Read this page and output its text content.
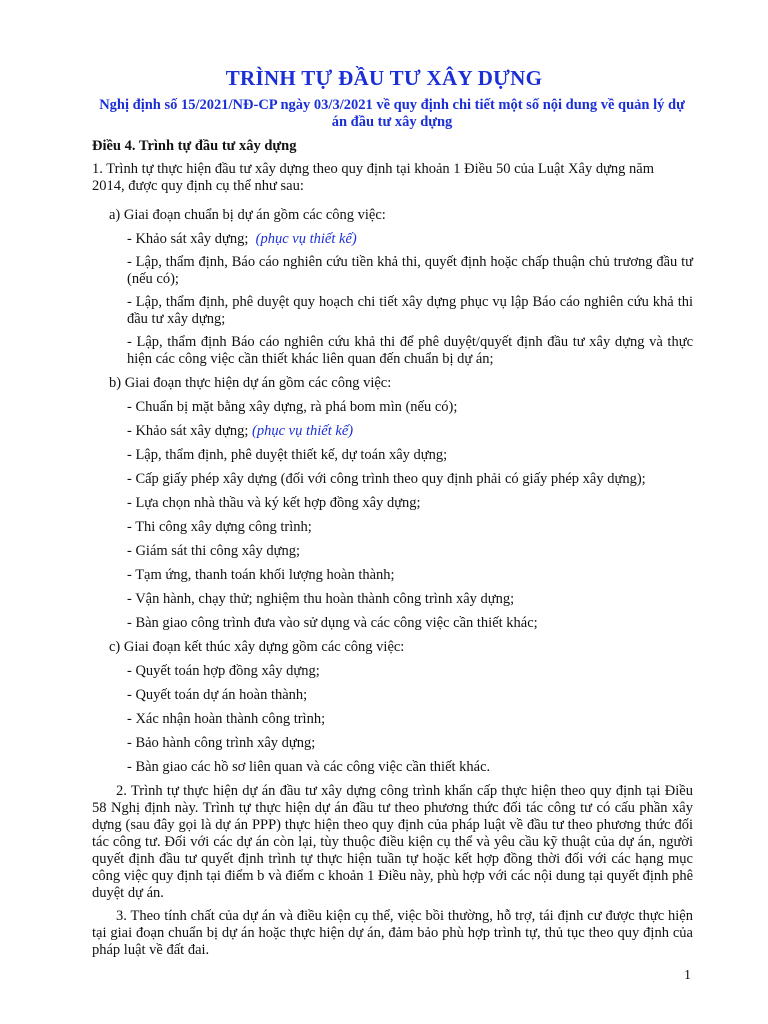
TRÌNH TỰ ĐẦU TƯ XÂY DỰNG
Nghị định số 15/2021/NĐ-CP ngày 03/3/2021 về quy định chi tiết một số nội dung về quản lý dự án đầu tư xây dựng
Điều 4. Trình tự đầu tư xây dựng

1. Trình tự thực hiện đầu tư xây dựng theo quy định tại khoản 1 Điều 50 của Luật Xây dựng năm
2014, được quy định cụ thể như sau:

a) Giai đoạn chuẩn bị dự án gồm các công việc:

- Khảo sát xây dựng; (phục vụ thiết kế)

- Lập, thẩm định, Báo cáo nghiên cứu tiền khả thi, quyết định hoặc chấp thuận chủ trương đầu tư (nếu có);

- Lập, thẩm định, phê duyệt quy hoạch chi tiết xây dựng phục vụ lập Báo cáo nghiên cứu khả thi đầu tư xây dựng;

- Lập, thẩm định Báo cáo nghiên cứu khả thi để phê duyệt/quyết định đầu tư xây dựng và thực hiện các công việc cần thiết khác liên quan đến chuẩn bị dự án;

b) Giai đoạn thực hiện dự án gồm các công việc:

- Chuẩn bị mặt bằng xây dựng, rà phá bom mìn (nếu có);

- Khảo sát xây dựng; (phục vụ thiết kế)

- Lập, thẩm định, phê duyệt thiết kế, dự toán xây dựng;

- Cấp giấy phép xây dựng (đối với công trình theo quy định phải có giấy phép xây dựng);

- Lựa chọn nhà thầu và ký kết hợp đồng xây dựng;

- Thi công xây dựng công trình;

- Giám sát thi công xây dựng;

- Tạm ứng, thanh toán khối lượng hoàn thành;

- Vận hành, chạy thử; nghiệm thu hoàn thành công trình xây dựng;

- Bàn giao công trình đưa vào sử dụng và các công việc cần thiết khác;

c) Giai đoạn kết thúc xây dựng gồm các công việc:

- Quyết toán hợp đồng xây dựng;

- Quyết toán dự án hoàn thành;

- Xác nhận hoàn thành công trình;

- Bảo hành công trình xây dựng;

- Bàn giao các hồ sơ liên quan và các công việc cần thiết khác.

2. Trình tự thực hiện dự án đầu tư xây dựng công trình khẩn cấp thực hiện theo quy định tại Điều 58 Nghị định này. Trình tự thực hiện dự án đầu tư theo phương thức đối tác công tư có cấu phần xây dựng (sau đây gọi là dự án PPP) thực hiện theo quy định của pháp luật về đầu tư theo phương thức đối tác công tư. Đối với các dự án còn lại, tùy thuộc điều kiện cụ thể và yêu cầu kỹ thuật của dự án, người quyết định đầu tư quyết định trình tự thực hiện tuần tự hoặc kết hợp đồng thời đối với các hạng mục công việc quy định tại điểm b và điểm c khoản 1 Điều này, phù hợp với các nội dung tại quyết định phê duyệt dự án.

3. Theo tính chất của dự án và điều kiện cụ thể, việc bồi thường, hỗ trợ, tái định cư được thực hiện tại giai đoạn chuẩn bị dự án hoặc thực hiện dự án, đảm bảo phù hợp trình tự, thủ tục theo quy định của pháp luật về đất đai.

1
